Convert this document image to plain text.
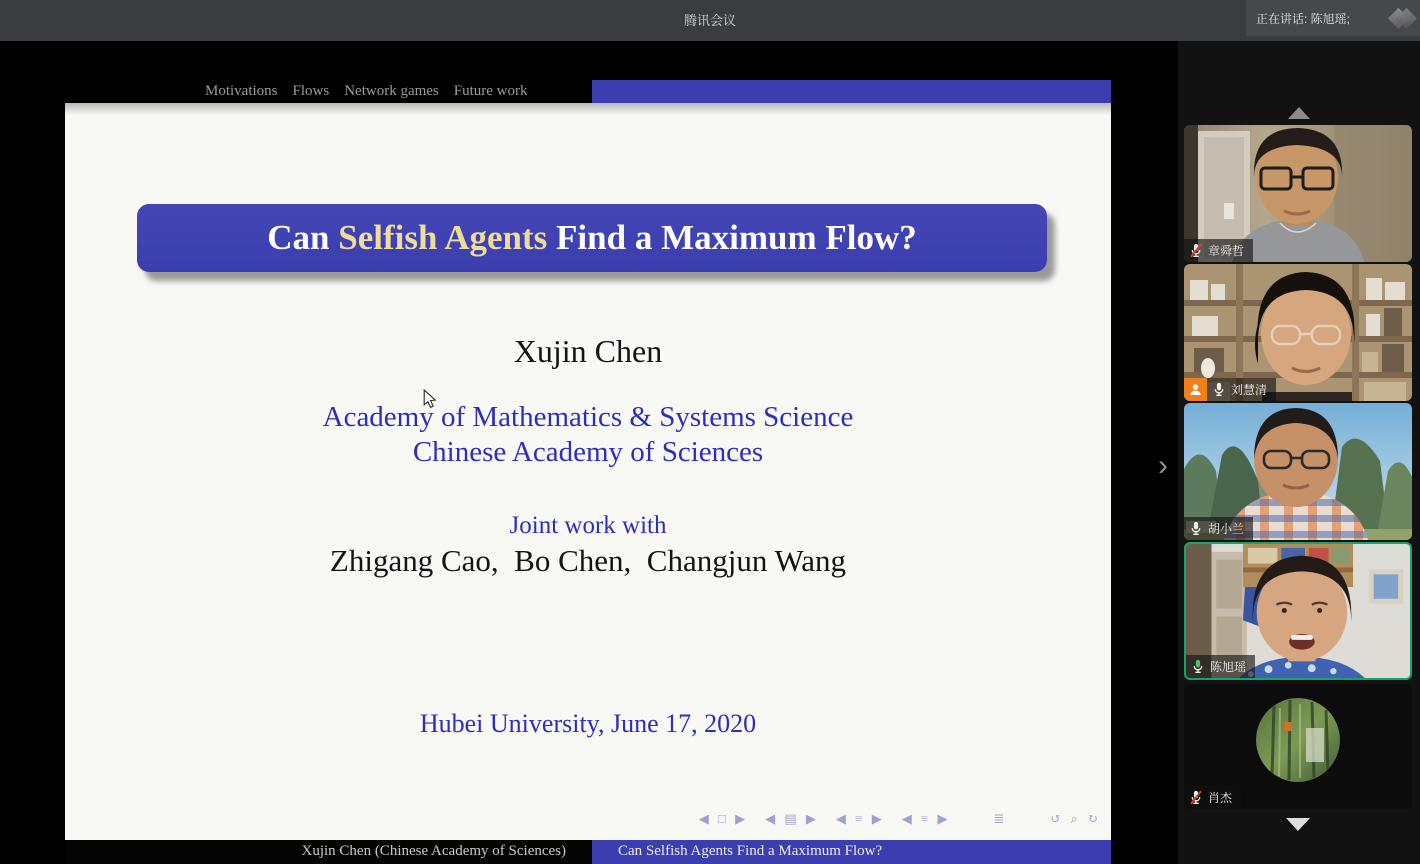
腾讯会议	正在讲话: 陈旭瑶;
Motivations Flows Network games Future work
Can Selfish Agents Find a Maximum Flow?
Xujin Chen
Academy of Mathematics & Systems Science
Chinese Academy of Sciences
Joint work with
Zhigang Cao,  Bo Chen,  Changjun Wang
Hubei University, June 17, 2020
◀ □ ▶ ◀ ▤ ▶ ◀ ≡ ▶ ◀ ≡ ▶	≣	↺ ⌕ ↻
Xujin Chen (Chinese Academy of Sciences)	Can Selfish Agents Find a Maximum Flow?
›
章舜哲
刘慧清
胡小兰
陈旭瑶
肖杰
